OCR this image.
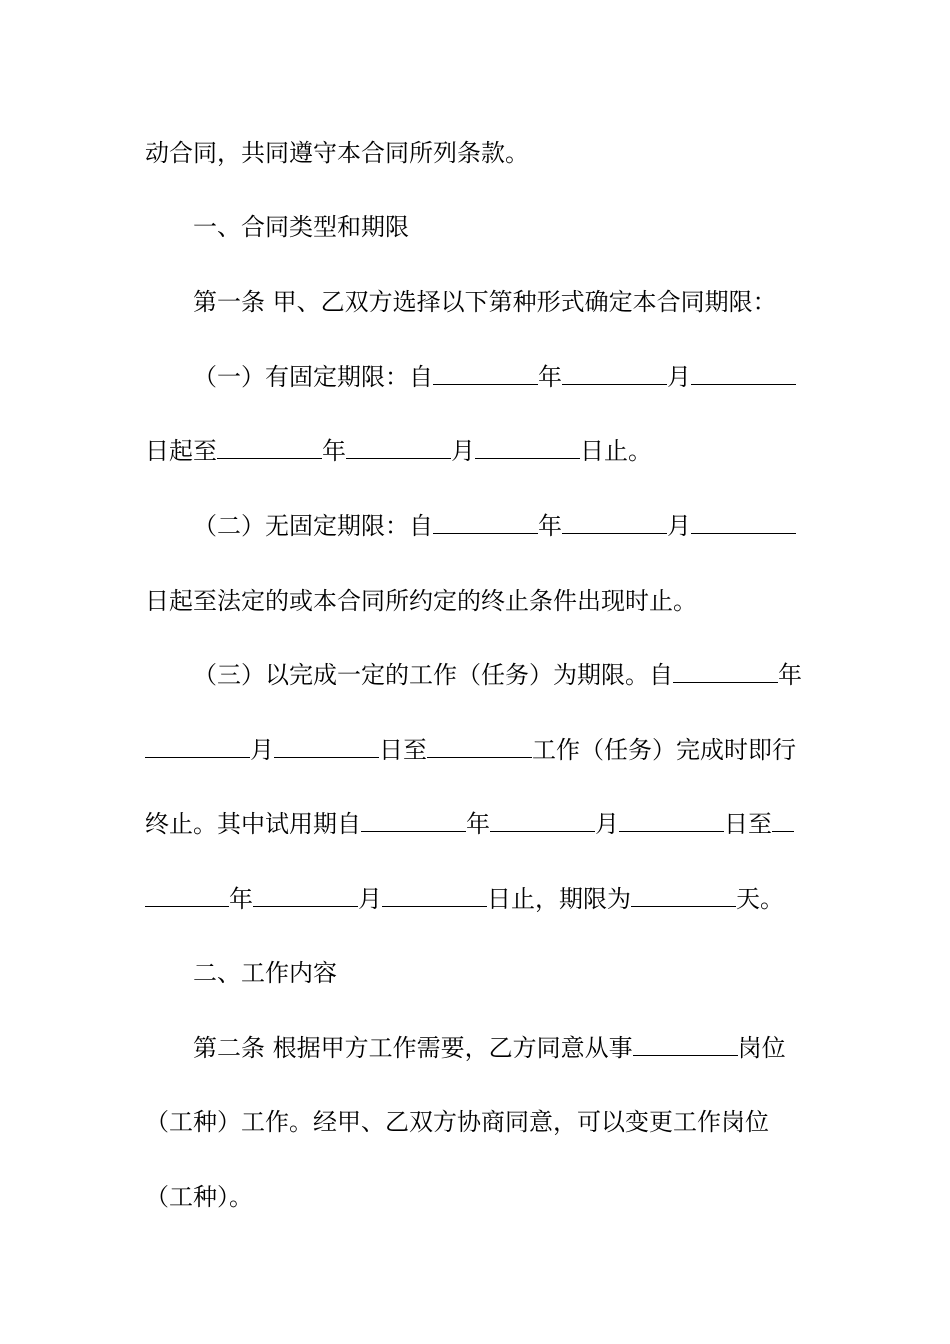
动合同，共同遵守本合同所列条款。
一、合同类型和期限
第一条 甲、乙双方选择以下第种形式确定本合同期限：
（一）有固定期限：自	年	月
日起至	年	月	日止。
（二）无固定期限：自	年	月
日起至法定的或本合同所约定的终止条件出现时止。
（三）以完成一定的工作（任务）为期限。自	年
月	日至	工作（任务）完成时即行
终止。其中试用期自	年	月	日至
年	月	日止，期限为	天。
二、工作内容
第二条 根据甲方工作需要，乙方同意从事	岗位
（工种）工作。经甲、乙双方协商同意，可以变更工作岗位
（工种）。
